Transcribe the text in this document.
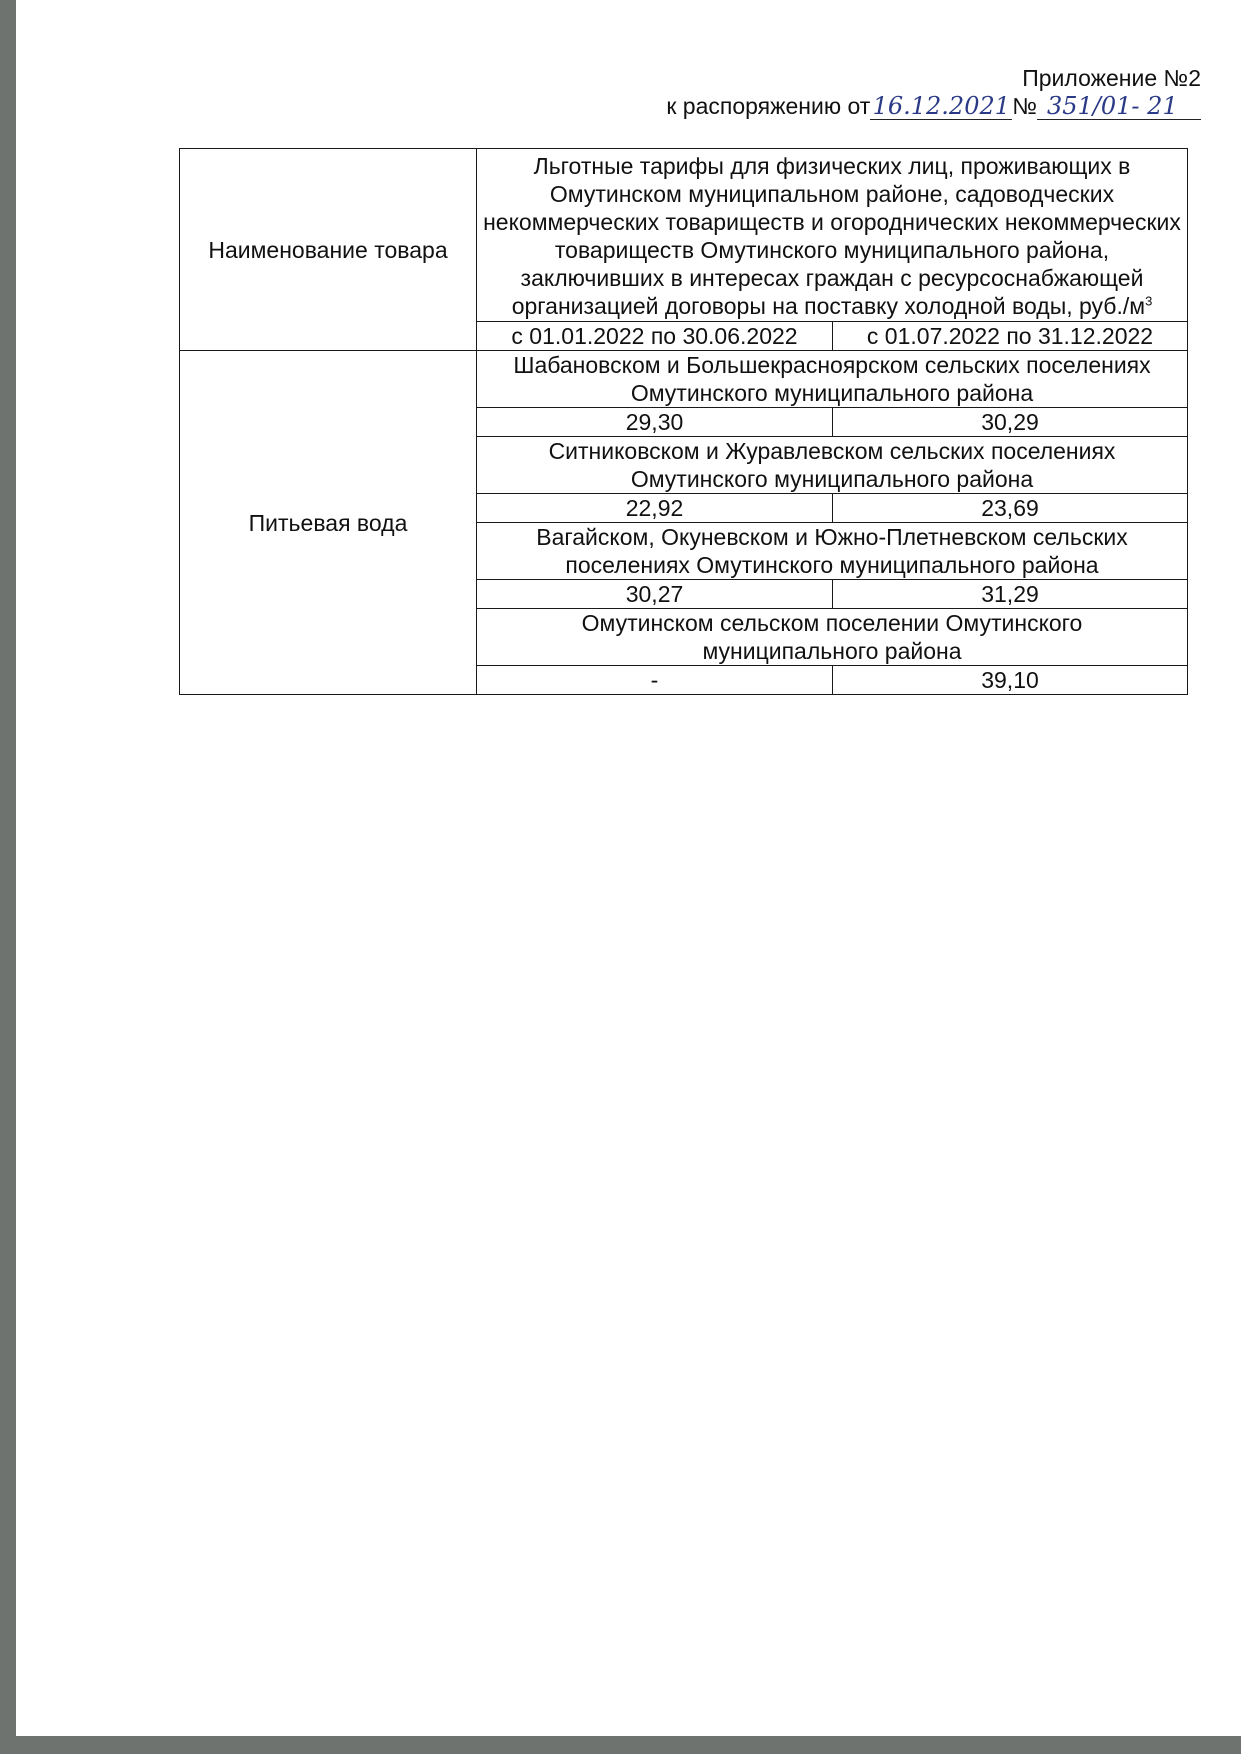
Приложение №2
к распоряжению от16.12.2021№ 351/01- 21
Наименование товара	Льготные тарифы для физических лиц, проживающих в Омутинском муниципальном районе, садоводческих некоммерческих товариществ и огороднических некоммерческих товариществ Омутинского муниципального района, заключивших в интересах граждан с ресурсоснабжающей организацией договоры на поставку холодной воды, $руб./м^3$
	с 01.01.2022 по 30.06.2022	с 01.07.2022 по 31.12.2022
Питьевая вода	Шабановском и Большекрасноярском сельских поселениях Омутинского муниципального района	
	29,30	30,29
	Ситниковском и Журавлевском сельских поселениях Омутинского муниципального района	
	22,92	23,69
	Вагайском, Окуневском и Южно-Плетневском сельских поселениях Омутинского муниципального района	
	30,27	31,29
	Омутинском сельском поселении Омутинского муниципального района	
	-	39,10
